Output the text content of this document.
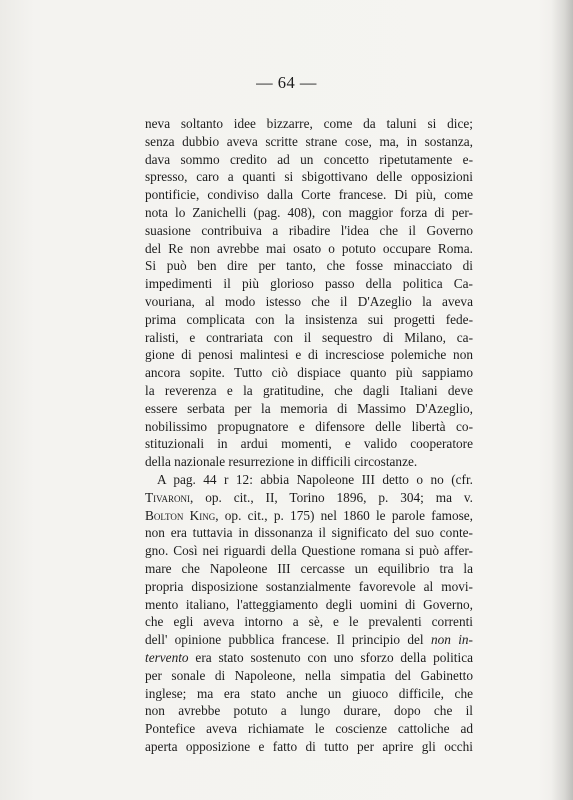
— 64 —
neva soltanto idee bizzarre, come da taluni si dice;
senza dubbio aveva scritte strane cose, ma, in sostanza,
dava sommo credito ad un concetto ripetutamente e-
spresso, caro a quanti si sbigottivano delle opposizioni
pontificie, condiviso dalla Corte francese. Di più, come
nota lo Zanichelli (pag. 408), con maggior forza di per-
suasione contribuiva a ribadire l'idea che il Governo
del Re non avrebbe mai osato o potuto occupare Roma.
Si può ben dire per tanto, che fosse minacciato di
impedimenti il più glorioso passo della politica Ca-
vouriana, al modo istesso che il D'Azeglio la aveva
prima complicata con la insistenza sui progetti fede-
ralisti, e contrariata con il sequestro di Milano, ca-
gione di penosi malintesi e di incresciose polemiche non
ancora sopite. Tutto ciò dispiace quanto più sappiamo
la reverenza e la gratitudine, che dagli Italiani deve
essere serbata per la memoria di Massimo D'Azeglio,
nobilissimo propugnatore e difensore delle libertà co-
stituzionali in ardui momenti, e valido cooperatore
della nazionale resurrezione in difficili circostanze.
A pag. 44 r 12: abbia Napoleone III detto o no (cfr.
Tivaroni, op. cit., II, Torino 1896, p. 304; ma v.
Bolton King, op. cit., p. 175) nel 1860 le parole famose,
non era tuttavia in dissonanza il significato del suo conte-
gno. Così nei riguardi della Questione romana si può affer-
mare che Napoleone III cercasse un equilibrio tra la
propria disposizione sostanzialmente favorevole al movi-
mento italiano, l'atteggiamento degli uomini di Governo,
che egli aveva intorno a sè, e le prevalenti correnti
dell' opinione pubblica francese. Il principio del non in-
tervento era stato sostenuto con uno sforzo della politica
per sonale di Napoleone, nella simpatia del Gabinetto
inglese; ma era stato anche un giuoco difficile, che
non avrebbe potuto a lungo durare, dopo che il
Pontefice aveva richiamate le coscienze cattoliche ad
aperta opposizione e fatto di tutto per aprire gli occhi
